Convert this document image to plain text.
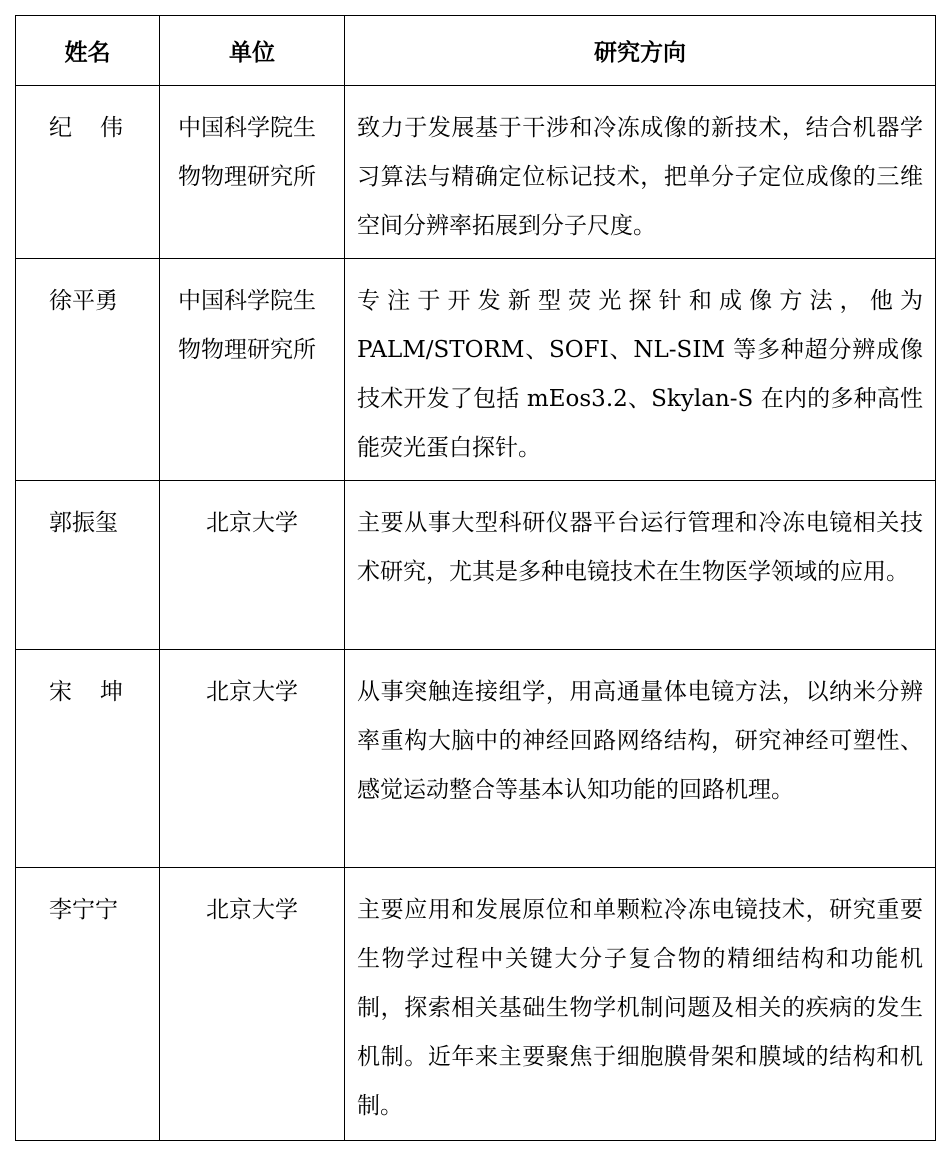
姓名	单位	研究方向
纪伟	中国科学院生物物理研究所	致力于发展基于干涉和冷冻成像的新技术，结合机器学习算法与精确定位标记技术，把单分子定位成像的三维空间分辨率拓展到分子尺度。
徐平勇	中国科学院生物物理研究所	专注于开发新型荧光探针和成像方法，他为PALM/STORM、SOFI、NL-SIM 等多种超分辨成像技术开发了包括 mEos3.2、Skylan-S 在内的多种高性能荧光蛋白探针。
郭振玺	北京大学	主要从事大型科研仪器平台运行管理和冷冻电镜相关技术研究，尤其是多种电镜技术在生物医学领域的应用。
宋坤	北京大学	从事突触连接组学，用高通量体电镜方法，以纳米分辨率重构大脑中的神经回路网络结构，研究神经可塑性、感觉运动整合等基本认知功能的回路机理。
李宁宁	北京大学	主要应用和发展原位和单颗粒冷冻电镜技术，研究重要生物学过程中关键大分子复合物的精细结构和功能机制，探索相关基础生物学机制问题及相关的疾病的发生机制。近年来主要聚焦于细胞膜骨架和膜域的结构和机制。
